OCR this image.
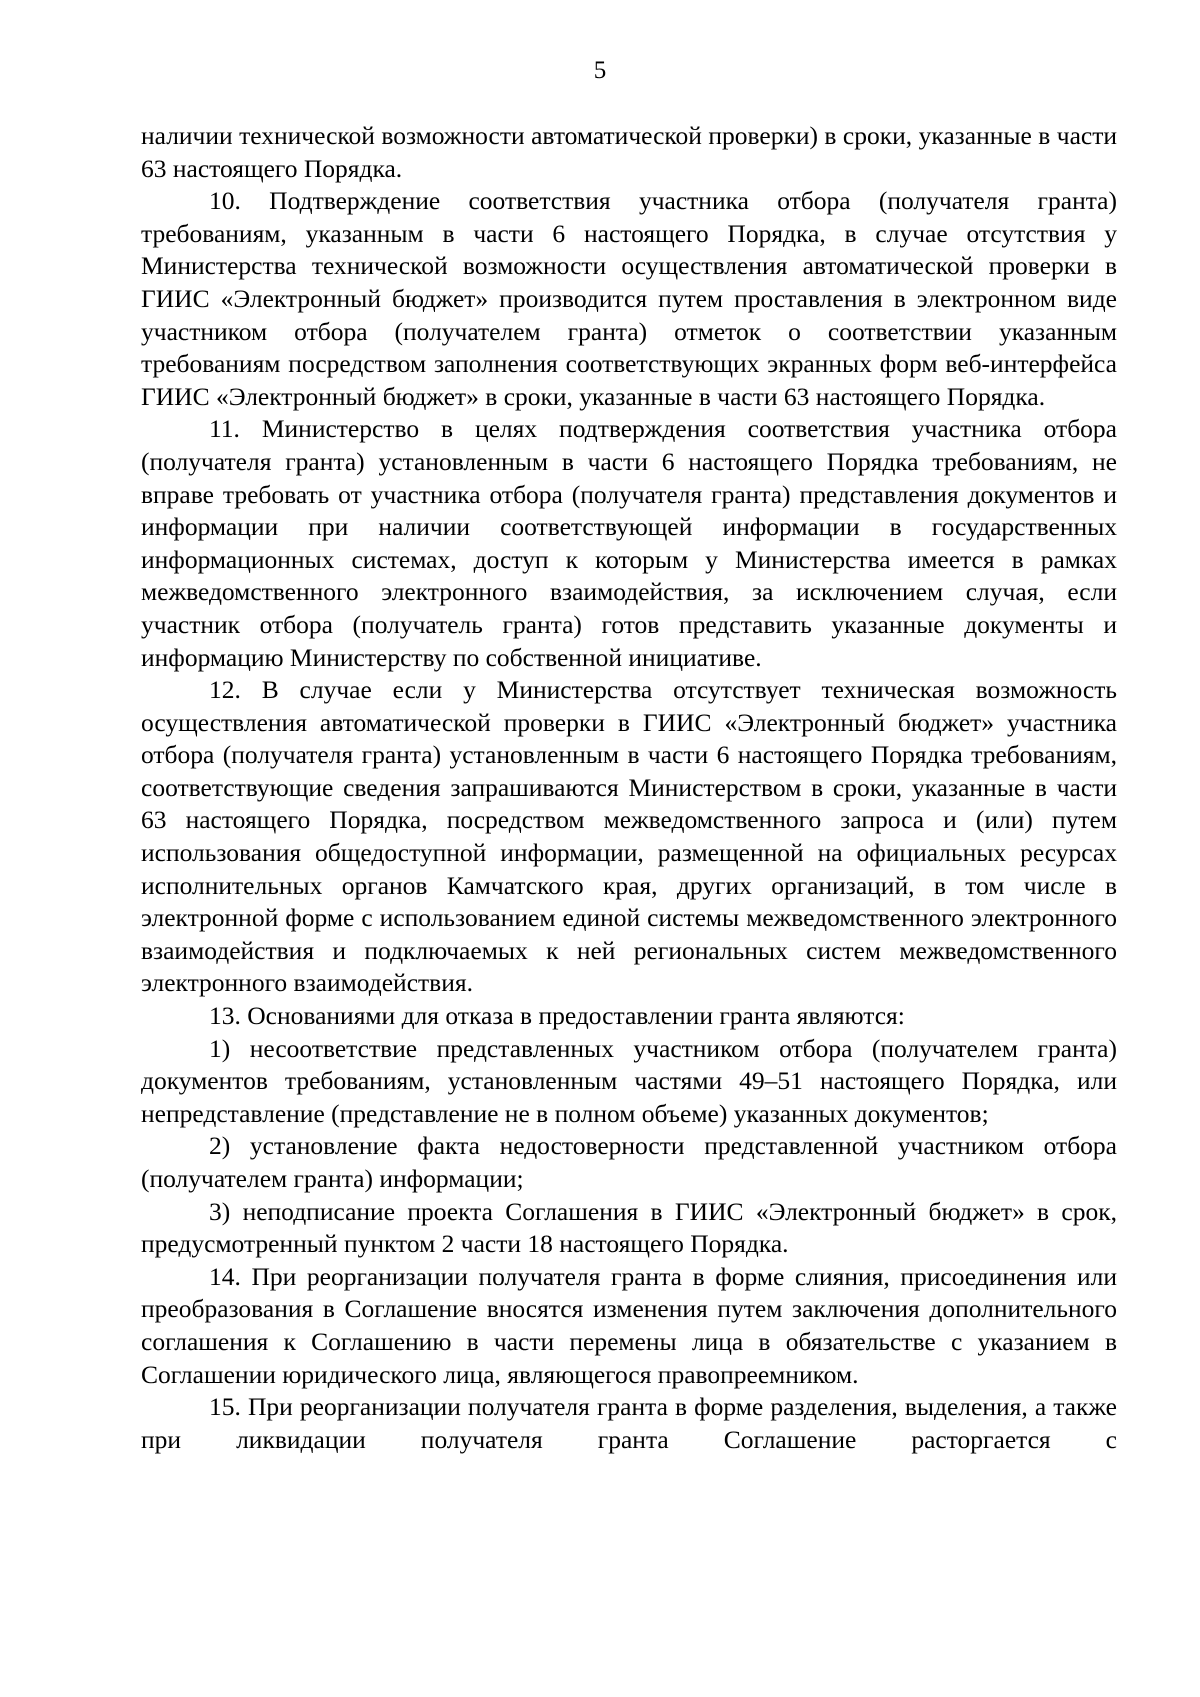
5

наличии технической возможности автоматической проверки) в сроки, указанные в части 63 настоящего Порядка.

10. Подтверждение соответствия участника отбора (получателя гранта) требованиям, указанным в части 6 настоящего Порядка, в случае отсутствия у Министерства технической возможности осуществления автоматической проверки в ГИИС «Электронный бюджет» производится путем проставления в электронном виде участником отбора (получателем гранта) отметок о соответствии указанным требованиям посредством заполнения соответствующих экранных форм веб-интерфейса ГИИС «Электронный бюджет» в сроки, указанные в части 63 настоящего Порядка.

11. Министерство в целях подтверждения соответствия участника отбора (получателя гранта) установленным в части 6 настоящего Порядка требованиям, не вправе требовать от участника отбора (получателя гранта) представления документов и информации при наличии соответствующей информации в государственных информационных системах, доступ к которым у Министерства имеется в рамках межведомственного электронного взаимодействия, за исключением случая, если участник отбора (получатель гранта) готов представить указанные документы и информацию Министерству по собственной инициативе.

12. В случае если у Министерства отсутствует техническая возможность осуществления автоматической проверки в ГИИС «Электронный бюджет» участника отбора (получателя гранта) установленным в части 6 настоящего Порядка требованиям, соответствующие сведения запрашиваются Министерством в сроки, указанные в части 63 настоящего Порядка, посредством межведомственного запроса и (или) путем использования общедоступной информации, размещенной на официальных ресурсах исполнительных органов Камчатского края, других организаций, в том числе в электронной форме с использованием единой системы межведомственного электронного взаимодействия и подключаемых к ней региональных систем межведомственного электронного взаимодействия.

13. Основаниями для отказа в предоставлении гранта являются:

1) несоответствие представленных участником отбора (получателем гранта) документов требованиям, установленным частями 49–51 настоящего Порядка, или непредставление (представление не в полном объеме) указанных документов;

2) установление факта недостоверности представленной участником отбора (получателем гранта) информации;

3) неподписание проекта Соглашения в ГИИС «Электронный бюджет» в срок, предусмотренный пунктом 2 части 18 настоящего Порядка.

14. При реорганизации получателя гранта в форме слияния, присоединения или преобразования в Соглашение вносятся изменения путем заключения дополнительного соглашения к Соглашению в части перемены лица в обязательстве с указанием в Соглашении юридического лица, являющегося правопреемником.

15. При реорганизации получателя гранта в форме разделения, выделения, а также при ликвидации получателя гранта Соглашение расторгается с
